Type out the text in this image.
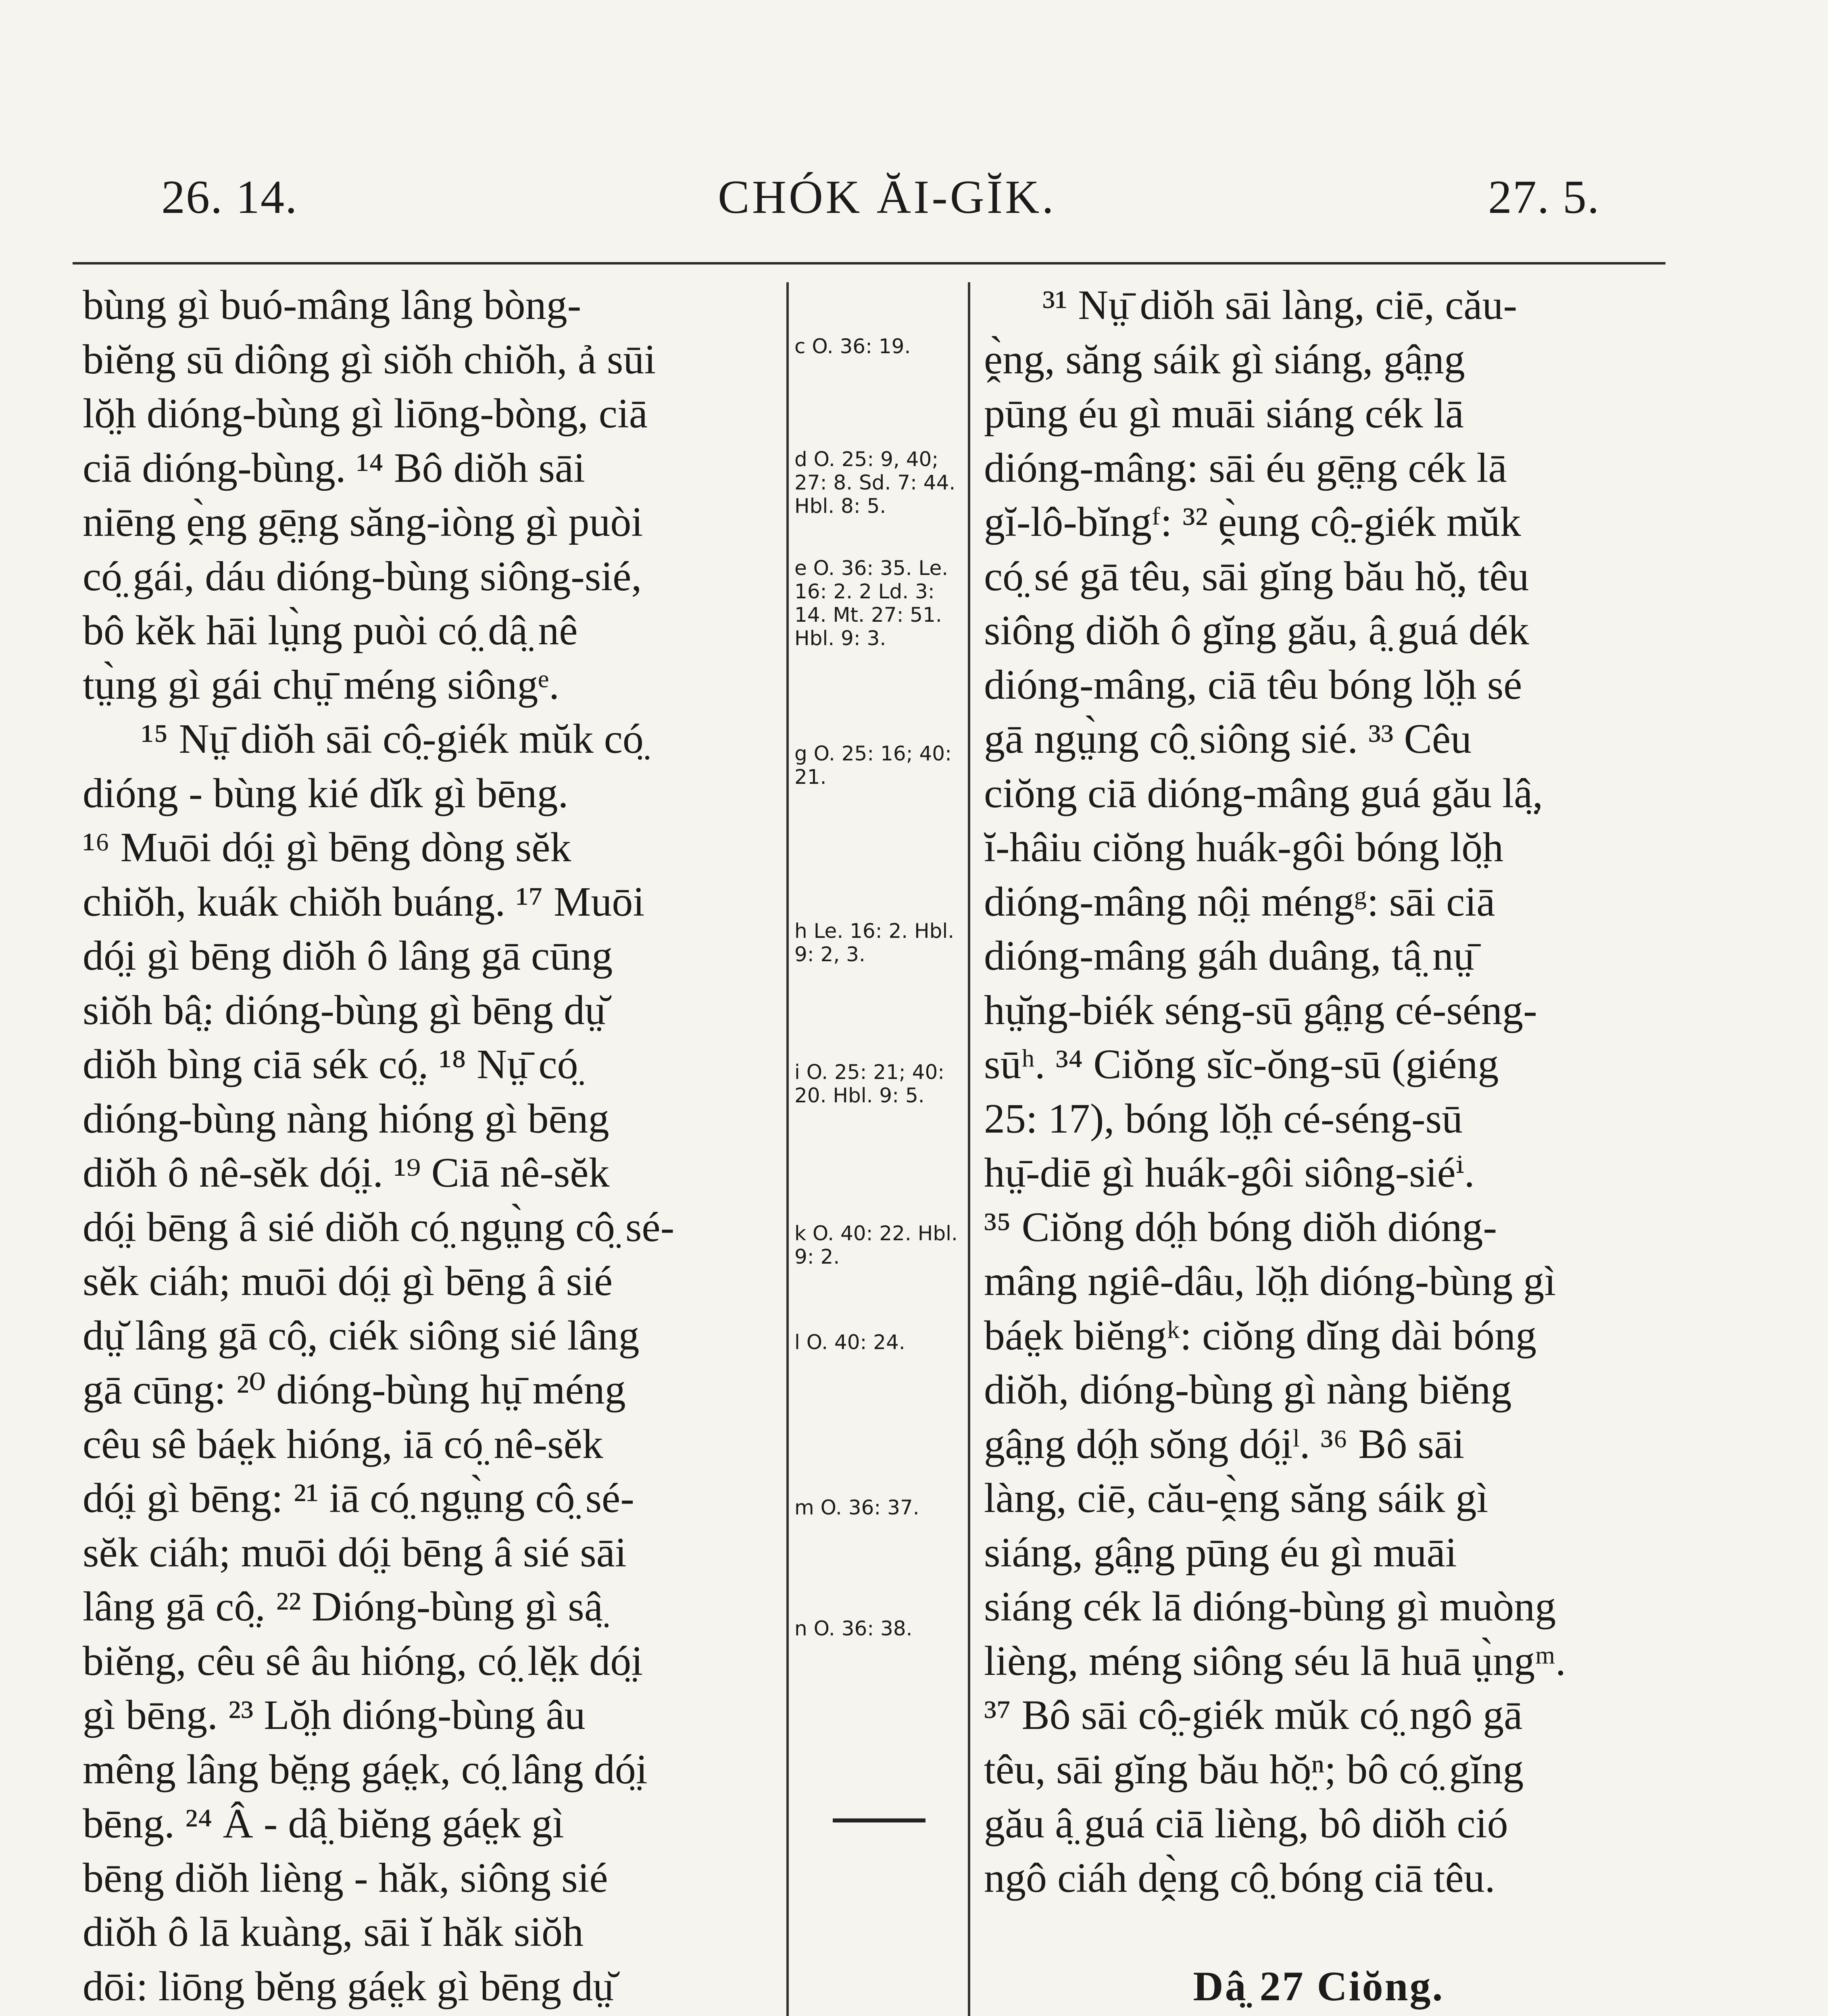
26. 14.	CHÓK ĂI-GĬK.	27. 5.
bùng gì buó-mâng lâng bòng-
biĕng sū diông gì siŏh chiŏh, ả sūi
lŏ̤h dióng-bùng gì liōng-bòng, ciā
ciā dióng-bùng. ¹⁴ Bô diŏh sāi
niēng ḙ̀ng gē̤ng săng-iòng gì puòi
có̤ gái, dáu dióng-bùng siông-sié,
bô kĕk hāi lṳ̀ng puòi có̤ dâ̤ nê
tṳ̀ng gì gái chṳ̄ méng siôngᵉ.
¹⁵ Nṳ̄ diŏh sāi cô̤-giék mŭk có̤
dióng - bùng kié dĭk gì bēng.
¹⁶ Muōi dó̤i gì bēng dòng sĕk
chiŏh, kuák chiŏh buáng. ¹⁷ Muōi
dó̤i gì bēng diŏh ô lâng gā cūng
siŏh bâ̤: dióng-bùng gì bēng dṳ̆
diŏh bìng ciā sék có̤. ¹⁸ Nṳ̄ có̤
dióng-bùng nàng hióng gì bēng
diŏh ô nê-sĕk dó̤i. ¹⁹ Ciā nê-sĕk
dó̤i bēng â sié diŏh có̤ ngṳ̀ng cô̤ sé-
sĕk ciáh; muōi dó̤i gì bēng â sié
dṳ̆ lâng gā cô̤, ciék siông sié lâng
gā cūng: ²⁰ dióng-bùng hṳ̄ méng
cêu sê báe̤k hióng, iā có̤ nê-sĕk
dó̤i gì bēng: ²¹ iā có̤ ngṳ̀ng cô̤ sé-
sĕk ciáh; muōi dó̤i bēng â sié sāi
lâng gā cô̤. ²² Dióng-bùng gì sâ̤
biĕng, cêu sê âu hióng, có̤ lĕ̤k dó̤i
gì bēng. ²³ Lŏ̤h dióng-bùng âu
mêng lâng bĕ̤ng gáe̤k, có̤ lâng dó̤i
bēng. ²⁴ Â - dâ̤ biĕng gáe̤k gì
bēng diŏh lièng - hăk, siông sié
diŏh ô lā kuàng, sāi ĭ hăk siŏh
dōi: liōng bĕng gáe̤k gì bēng dṳ̆
c O. 36: 19.
d O. 25: 9, 40; 27: 8. Sd. 7: 44. Hbl. 8: 5.
e O. 36: 35. Le. 16: 2. 2 Ld. 3: 14. Mt. 27: 51. Hbl. 9: 3.
g O. 25: 16; 40: 21.
h Le. 16: 2. Hbl. 9: 2, 3.
i O. 25: 21; 40: 20. Hbl. 9: 5.
k O. 40: 22. Hbl. 9: 2.
l O. 40: 24.
m O. 36: 37.
n O. 36: 38.
³¹ Nṳ̄ diŏh sāi làng, ciē, cău-
ḙ̀ng, săng sáik gì siáng, gâ̤ng
pūng éu gì muāi siáng cék lā
dióng-mâng: sāi éu gē̤ng cék lā
gĭ-lô-bĭngᶠ: ³² ḙ̀ung cô̤-giék mŭk
có̤ sé gā têu, sāi gĭng bău hŏ̤, têu
siông diŏh ô gĭng gău, â̤ guá dék
dióng-mâng, ciā têu bóng lŏ̤h sé
gā ngṳ̀ng cô̤ siông sié. ³³ Cêu
ciŏng ciā dióng-mâng guá gău lâ̤,
ĭ-hâiu ciŏng huák-gôi bóng lŏ̤h
dióng-mâng nô̤i méngᵍ: sāi ciā
dióng-mâng gáh duâng, tâ̤ nṳ̄
hṳ̆ng-biék séng-sū gâ̤ng cé-séng-
sūʰ. ³⁴ Ciŏng sĭc-ŏng-sū (giéng
25: 17), bóng lŏ̤h cé-séng-sū
hṳ̄-diē gì huák-gôi siông-siéⁱ.
³⁵ Ciŏng dó̤h bóng diŏh dióng-
mâng ngiê-dâu, lŏ̤h dióng-bùng gì
báe̤k biĕngᵏ: ciŏng dĭng dài bóng
diŏh, dióng-bùng gì nàng biĕng
gâ̤ng dó̤h sŏng dó̤iˡ. ³⁶ Bô sāi
làng, ciē, cău-ḙ̀ng săng sáik gì
siáng, gâ̤ng pūng éu gì muāi
siáng cék lā dióng-bùng gì muòng
lièng, méng siông séu lā huā ṳ̀ngᵐ.
³⁷ Bô sāi cô̤-giék mŭk có̤ ngô gā
têu, sāi gĭng bău hŏ̤ⁿ; bô có̤ gĭng
gău â̤ guá ciā lièng, bô diŏh ció
ngô ciáh dḙ̀ng cô̤ bóng ciā têu.
Dâ̤ 27 Ciŏng.
